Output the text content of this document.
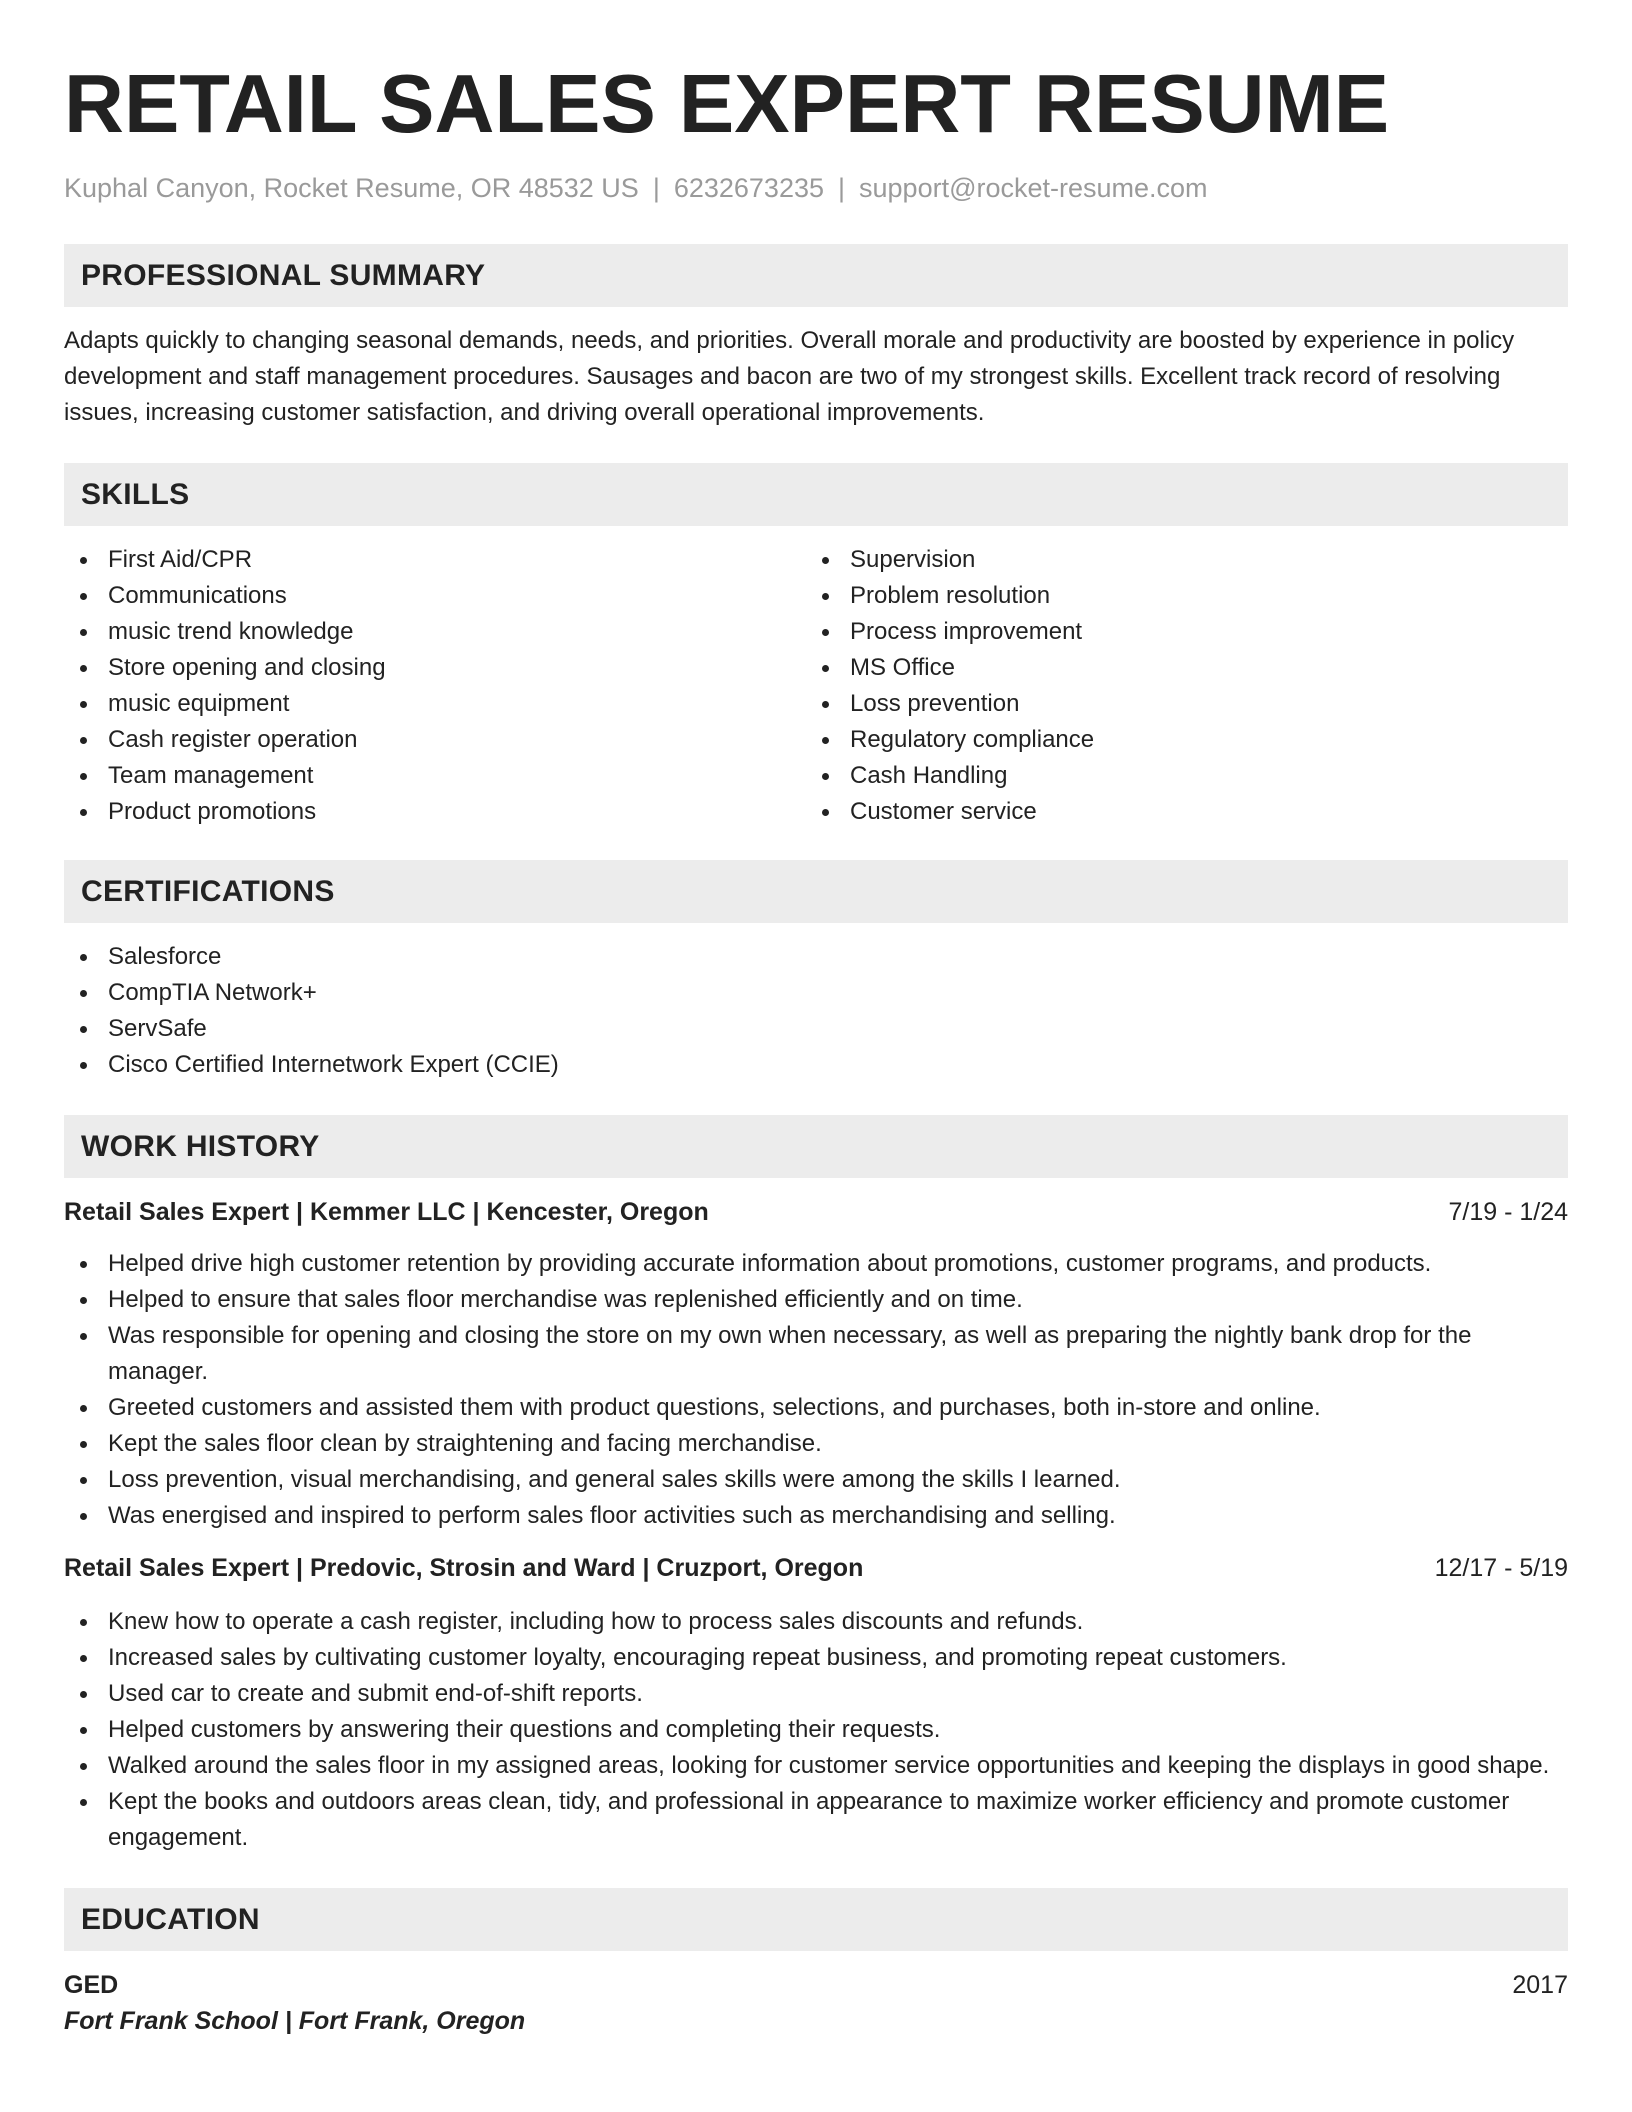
RETAIL SALES EXPERT RESUME
Kuphal Canyon, Rocket Resume, OR 48532 US | 6232673235 | support@rocket-resume.com
PROFESSIONAL SUMMARY

Adapts quickly to changing seasonal demands, needs, and priorities. Overall morale and productivity are boosted by experience in policy development and staff management procedures. Sausages and bacon are two of my strongest skills. Excellent track record of resolving issues, increasing customer satisfaction, and driving overall operational improvements.

SKILLS
First Aid/CPR
Communications
music trend knowledge
Store opening and closing
music equipment
Cash register operation
Team management
Product promotions
Supervision
Problem resolution
Process improvement
MS Office
Loss prevention
Regulatory compliance
Cash Handling
Customer service
CERTIFICATIONS
Salesforce
CompTIA Network+
ServSafe
Cisco Certified Internetwork Expert (CCIE)
WORK HISTORY
Retail Sales Expert | Kemmer LLC | Kencester, Oregon	7/19 - 1/24
Helped drive high customer retention by providing accurate information about promotions, customer programs, and products.
Helped to ensure that sales floor merchandise was replenished efficiently and on time.
Was responsible for opening and closing the store on my own when necessary, as well as preparing the nightly bank drop for the manager.
Greeted customers and assisted them with product questions, selections, and purchases, both in-store and online.
Kept the sales floor clean by straightening and facing merchandise.
Loss prevention, visual merchandising, and general sales skills were among the skills I learned.
Was energised and inspired to perform sales floor activities such as merchandising and selling.
Retail Sales Expert | Predovic, Strosin and Ward | Cruzport, Oregon	12/17 - 5/19
Knew how to operate a cash register, including how to process sales discounts and refunds.
Increased sales by cultivating customer loyalty, encouraging repeat business, and promoting repeat customers.
Used car to create and submit end-of-shift reports.
Helped customers by answering their questions and completing their requests.
Walked around the sales floor in my assigned areas, looking for customer service opportunities and keeping the displays in good shape.
Kept the books and outdoors areas clean, tidy, and professional in appearance to maximize worker efficiency and promote customer engagement.
EDUCATION
GED	2017
Fort Frank School | Fort Frank, Oregon
